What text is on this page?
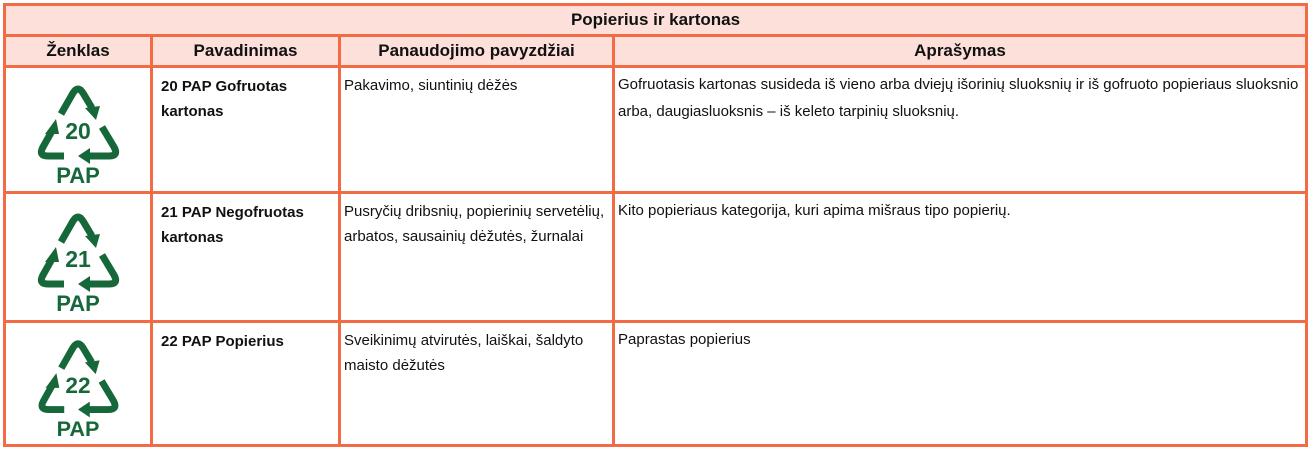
Popierius ir kartonas			
Ženklas	Pavadinimas	Panaudojimo pavyzdžiai	Aprašymas

20
PAP	20 PAP Gofruotas kartonas	Pakavimo, siuntinių dėžės	Gofruotasis kartonas susideda iš vieno arba dviejų išorinių sluoksnių ir iš gofruoto popieriaus sluoksnio arba, daugiasluoksnis – iš keleto tarpinių sluoksnių.

21
PAP	21 PAP Negofruotas kartonas	Pusryčių dribsnių, popierinių servetėlių, arbatos, sausainių dėžutės, žurnalai	Kito popieriaus kategorija, kuri apima mišraus tipo popierių.

22
PAP	22 PAP Popierius	Sveikinimų atvirutės, laiškai, šaldyto maisto dėžutės	Paprastas popierius
